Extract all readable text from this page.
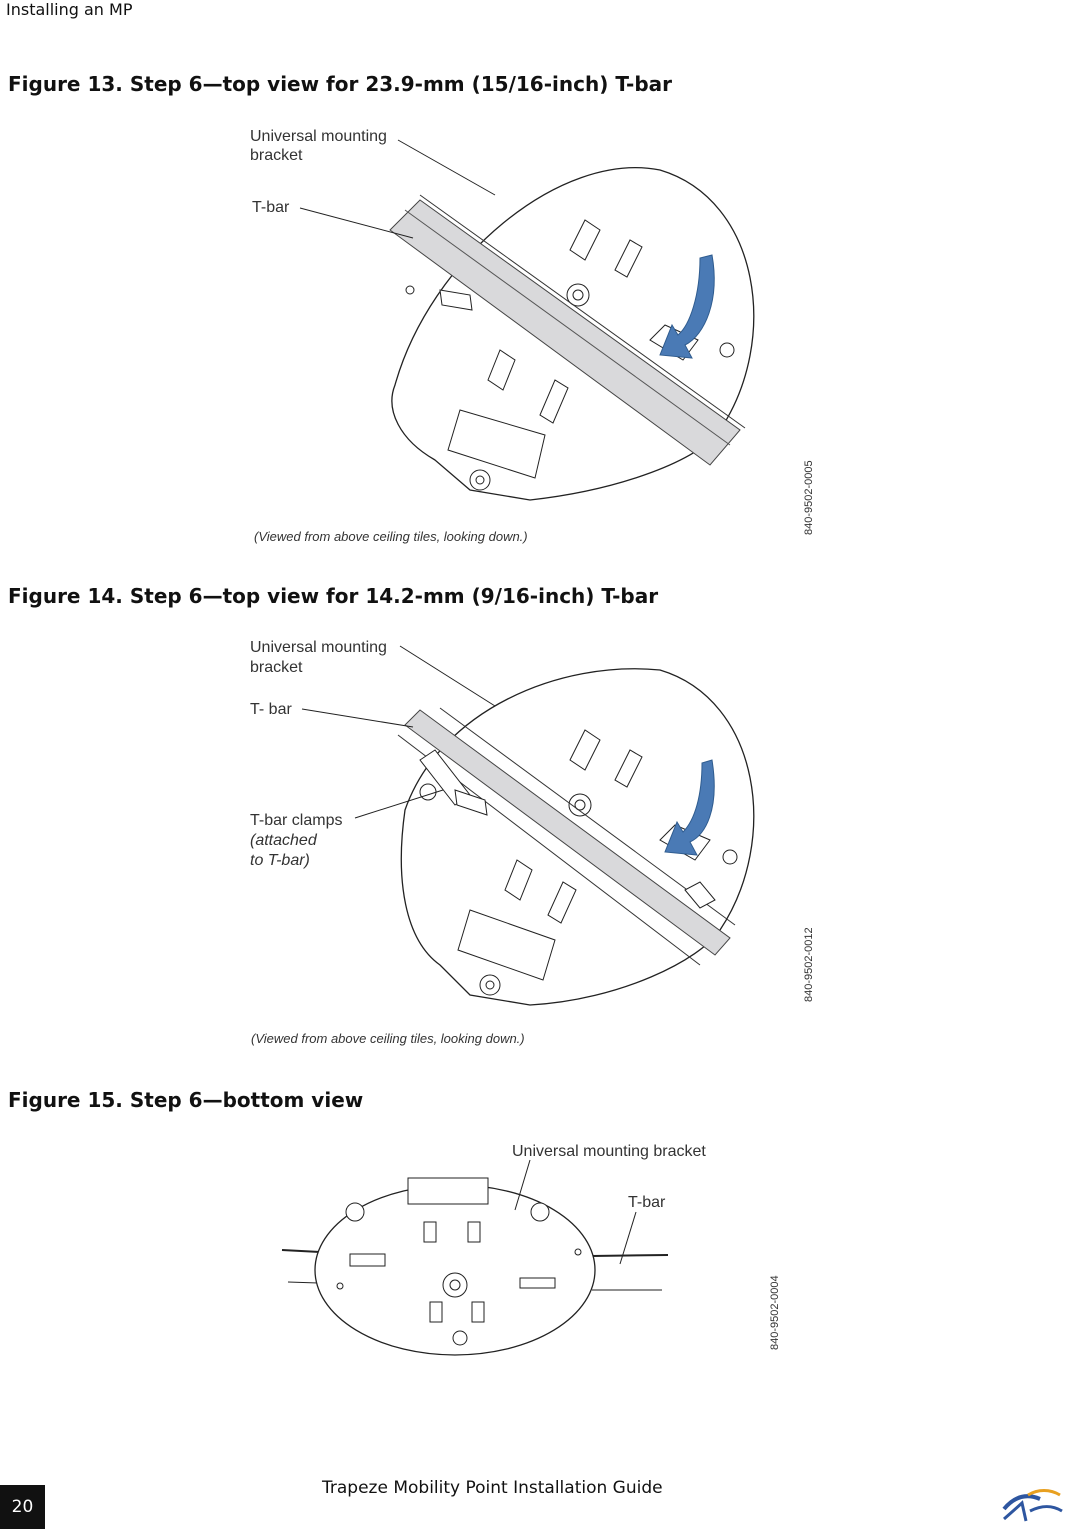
Installing an MP
Figure 13. Step 6—top view for 23.9-mm (15/16-inch) T-bar
Universal mounting
bracket
T-bar
(Viewed from above ceiling tiles, looking down.)
840-9502-0005
Figure 14. Step 6—top view for 14.2-mm (9/16-inch) T-bar
Universal mounting
bracket
T- bar
T-bar clamps
(attached
to T-bar)
(Viewed from above ceiling tiles, looking down.)
840-9502-0012
Figure 15. Step 6—bottom view
Universal mounting bracket
T-bar
840-9502-0004
Trapeze Mobility Point Installation Guide
20
